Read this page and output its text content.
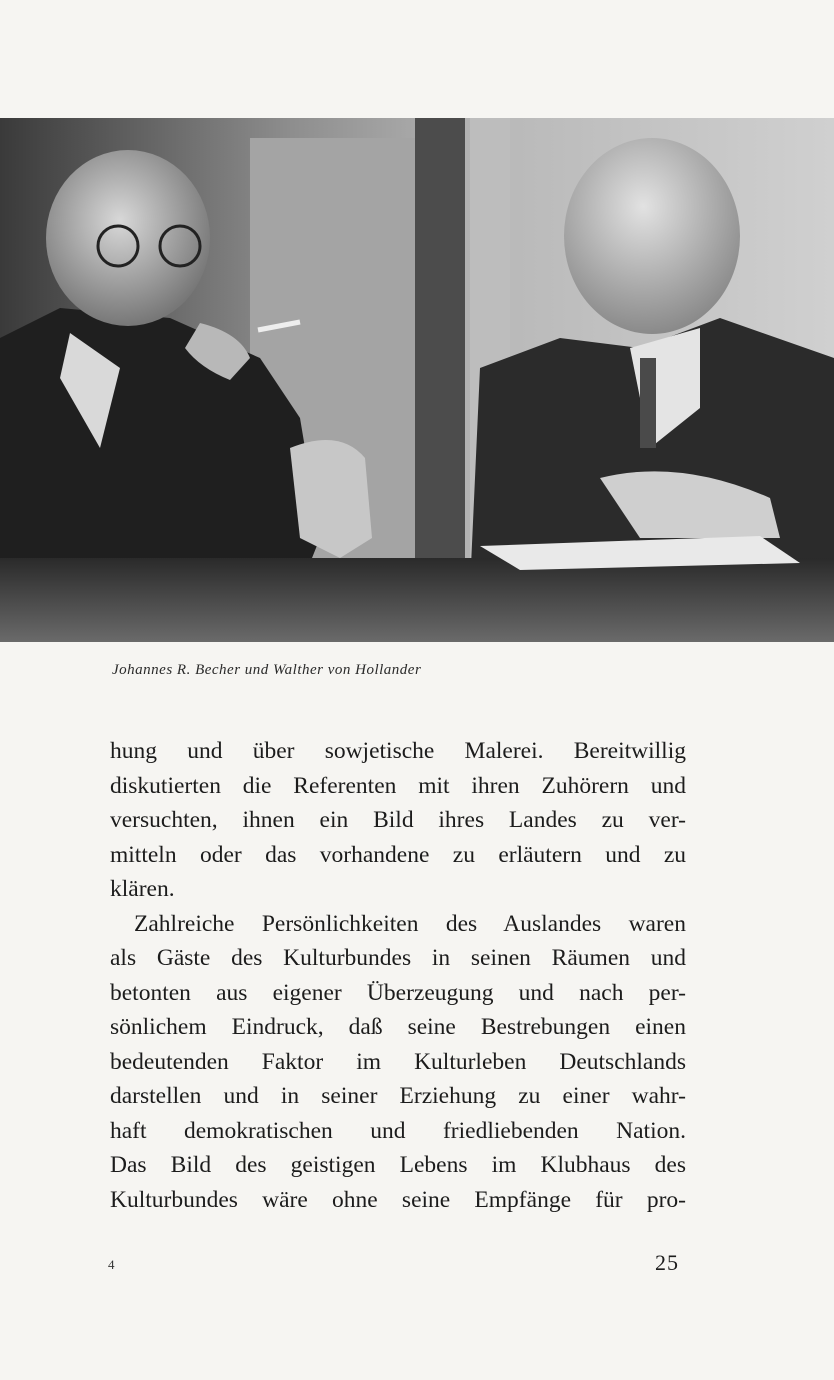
Johannes R. Becher und Walther von Hollander
hung und über sowjetische Malerei. Bereitwillig
diskutierten die Referenten mit ihren Zuhörern und
versuchten, ihnen ein Bild ihres Landes zu ver-
mitteln oder das vorhandene zu erläutern und zu
klären.
Zahlreiche Persönlichkeiten des Auslandes waren
als Gäste des Kulturbundes in seinen Räumen und
betonten aus eigener Überzeugung und nach per-
sönlichem Eindruck, daß seine Bestrebungen einen
bedeutenden Faktor im Kulturleben Deutschlands
darstellen und in seiner Erziehung zu einer wahr-
haft demokratischen und friedliebenden Nation.
Das Bild des geistigen Lebens im Klubhaus des
Kulturbundes wäre ohne seine Empfänge für pro-
4	25
